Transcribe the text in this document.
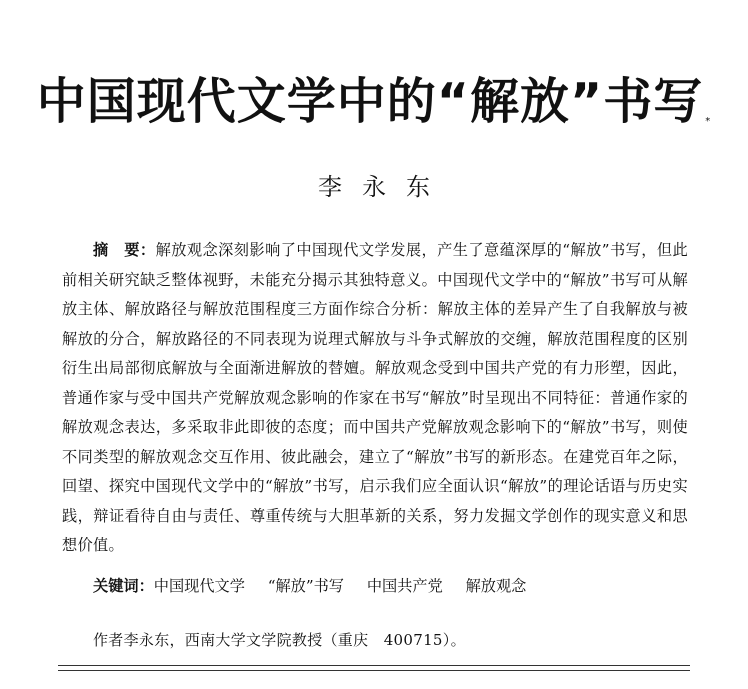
中国现代文学中的“解放”书写 *
李永东

摘　要：解放观念深刻影响了中国现代文学发展，产生了意蕴深厚的“解放”书写，但此前相关研究缺乏整体视野，未能充分揭示其独特意义。中国现代文学中的“解放”书写可从解放主体、解放路径与解放范围程度三方面作综合分析：解放主体的差异产生了自我解放与被解放的分合，解放路径的不同表现为说理式解放与斗争式解放的交缠，解放范围程度的区别衍生出局部彻底解放与全面渐进解放的替嬗。解放观念受到中国共产党的有力形塑，因此，普通作家与受中国共产党解放观念影响的作家在书写“解放”时呈现出不同特征：普通作家的解放观念表达，多采取非此即彼的态度；而中国共产党解放观念影响下的“解放”书写，则使不同类型的解放观念交互作用、彼此融会，建立了“解放”书写的新形态。在建党百年之际，回望、探究中国现代文学中的“解放”书写，启示我们应全面认识“解放”的理论话语与历史实践，辩证看待自由与责任、尊重传统与大胆革新的关系，努力发掘文学创作的现实意义和思想价值。

关键词：中国现代文学 “解放”书写 中国共产党 解放观念
作者李永东，西南大学文学院教授（重庆　400715）。
